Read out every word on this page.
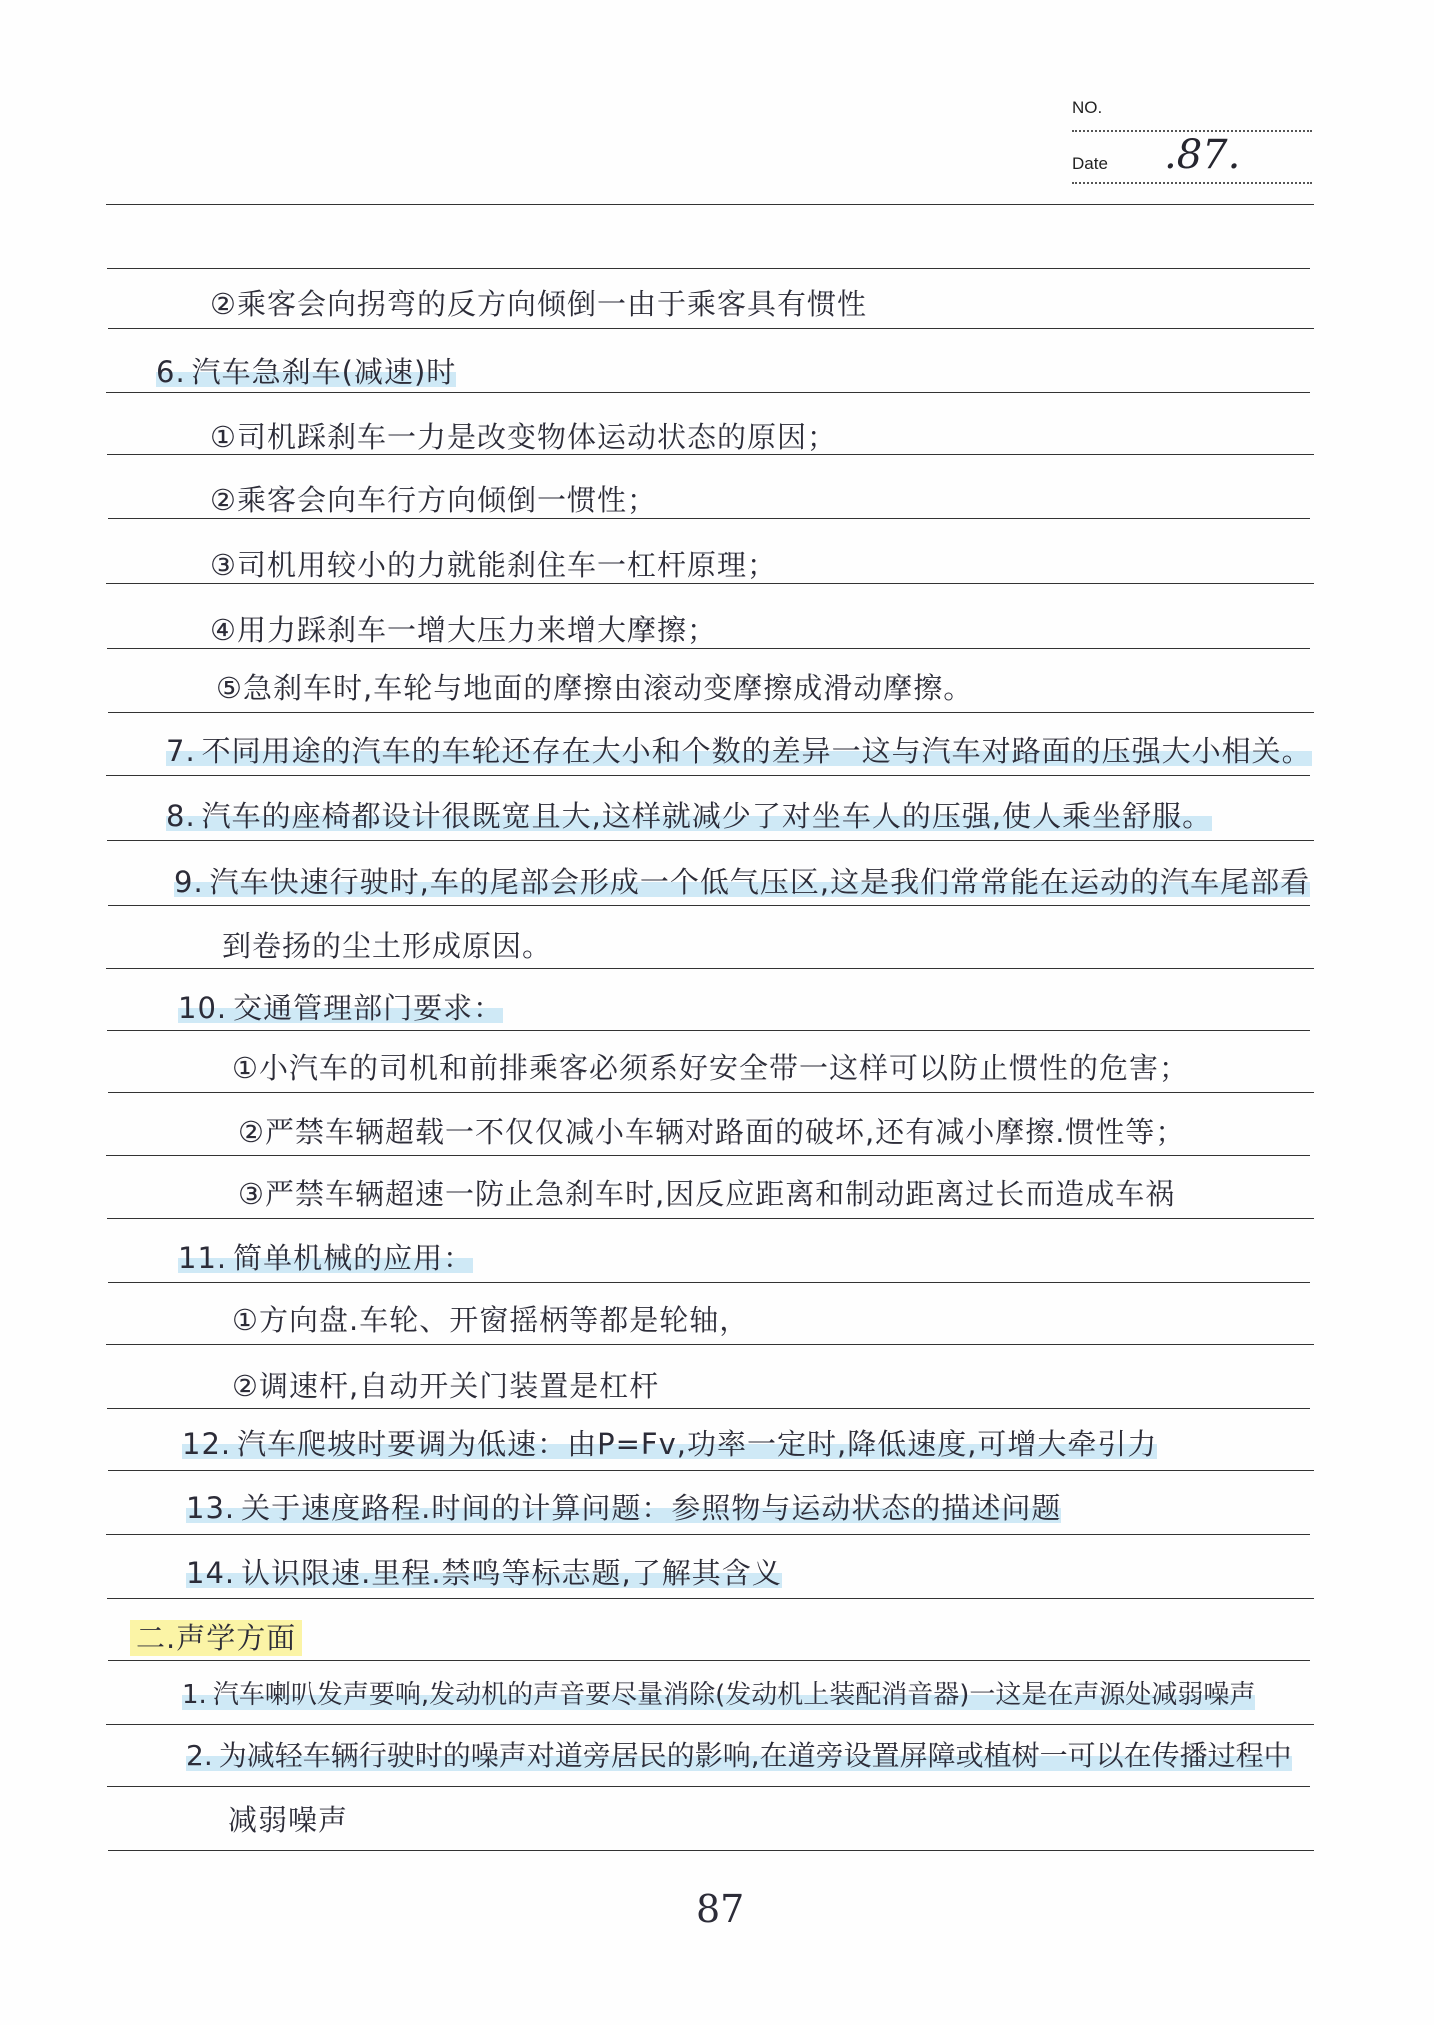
NO.
Date .87.
②乘客会向拐弯的反方向倾倒一由于乘客具有惯性
6. 汽车急刹车(减速)时
①司机踩刹车一力是改变物体运动状态的原因；
②乘客会向车行方向倾倒一惯性；
③司机用较小的力就能刹住车一杠杆原理；
④用力踩刹车一增大压力来增大摩擦；
⑤急刹车时,车轮与地面的摩擦由滚动变摩擦成滑动摩擦。
7. 不同用途的汽车的车轮还存在大小和个数的差异一这与汽车对路面的压强大小相关。
8. 汽车的座椅都设计很既宽且大,这样就减少了对坐车人的压强,使人乘坐舒服。
9. 汽车快速行驶时,车的尾部会形成一个低气压区,这是我们常常能在运动的汽车尾部看
到卷扬的尘土形成原因。
10. 交通管理部门要求：
①小汽车的司机和前排乘客必须系好安全带一这样可以防止惯性的危害；
②严禁车辆超载一不仅仅减小车辆对路面的破坏,还有减小摩擦.惯性等；
③严禁车辆超速一防止急刹车时,因反应距离和制动距离过长而造成车祸
11. 简单机械的应用：
①方向盘.车轮、开窗摇柄等都是轮轴，
②调速杆,自动开关门装置是杠杆
12. 汽车爬坡时要调为低速：由P=Fv,功率一定时,降低速度,可增大牵引力
13. 关于速度路程.时间的计算问题：参照物与运动状态的描述问题
14. 认识限速.里程.禁鸣等标志题,了解其含义
二.声学方面
1. 汽车喇叭发声要响,发动机的声音要尽量消除(发动机上装配消音器)一这是在声源处减弱噪声
2. 为减轻车辆行驶时的噪声对道旁居民的影响,在道旁设置屏障或植树一可以在传播过程中
减弱噪声
87
